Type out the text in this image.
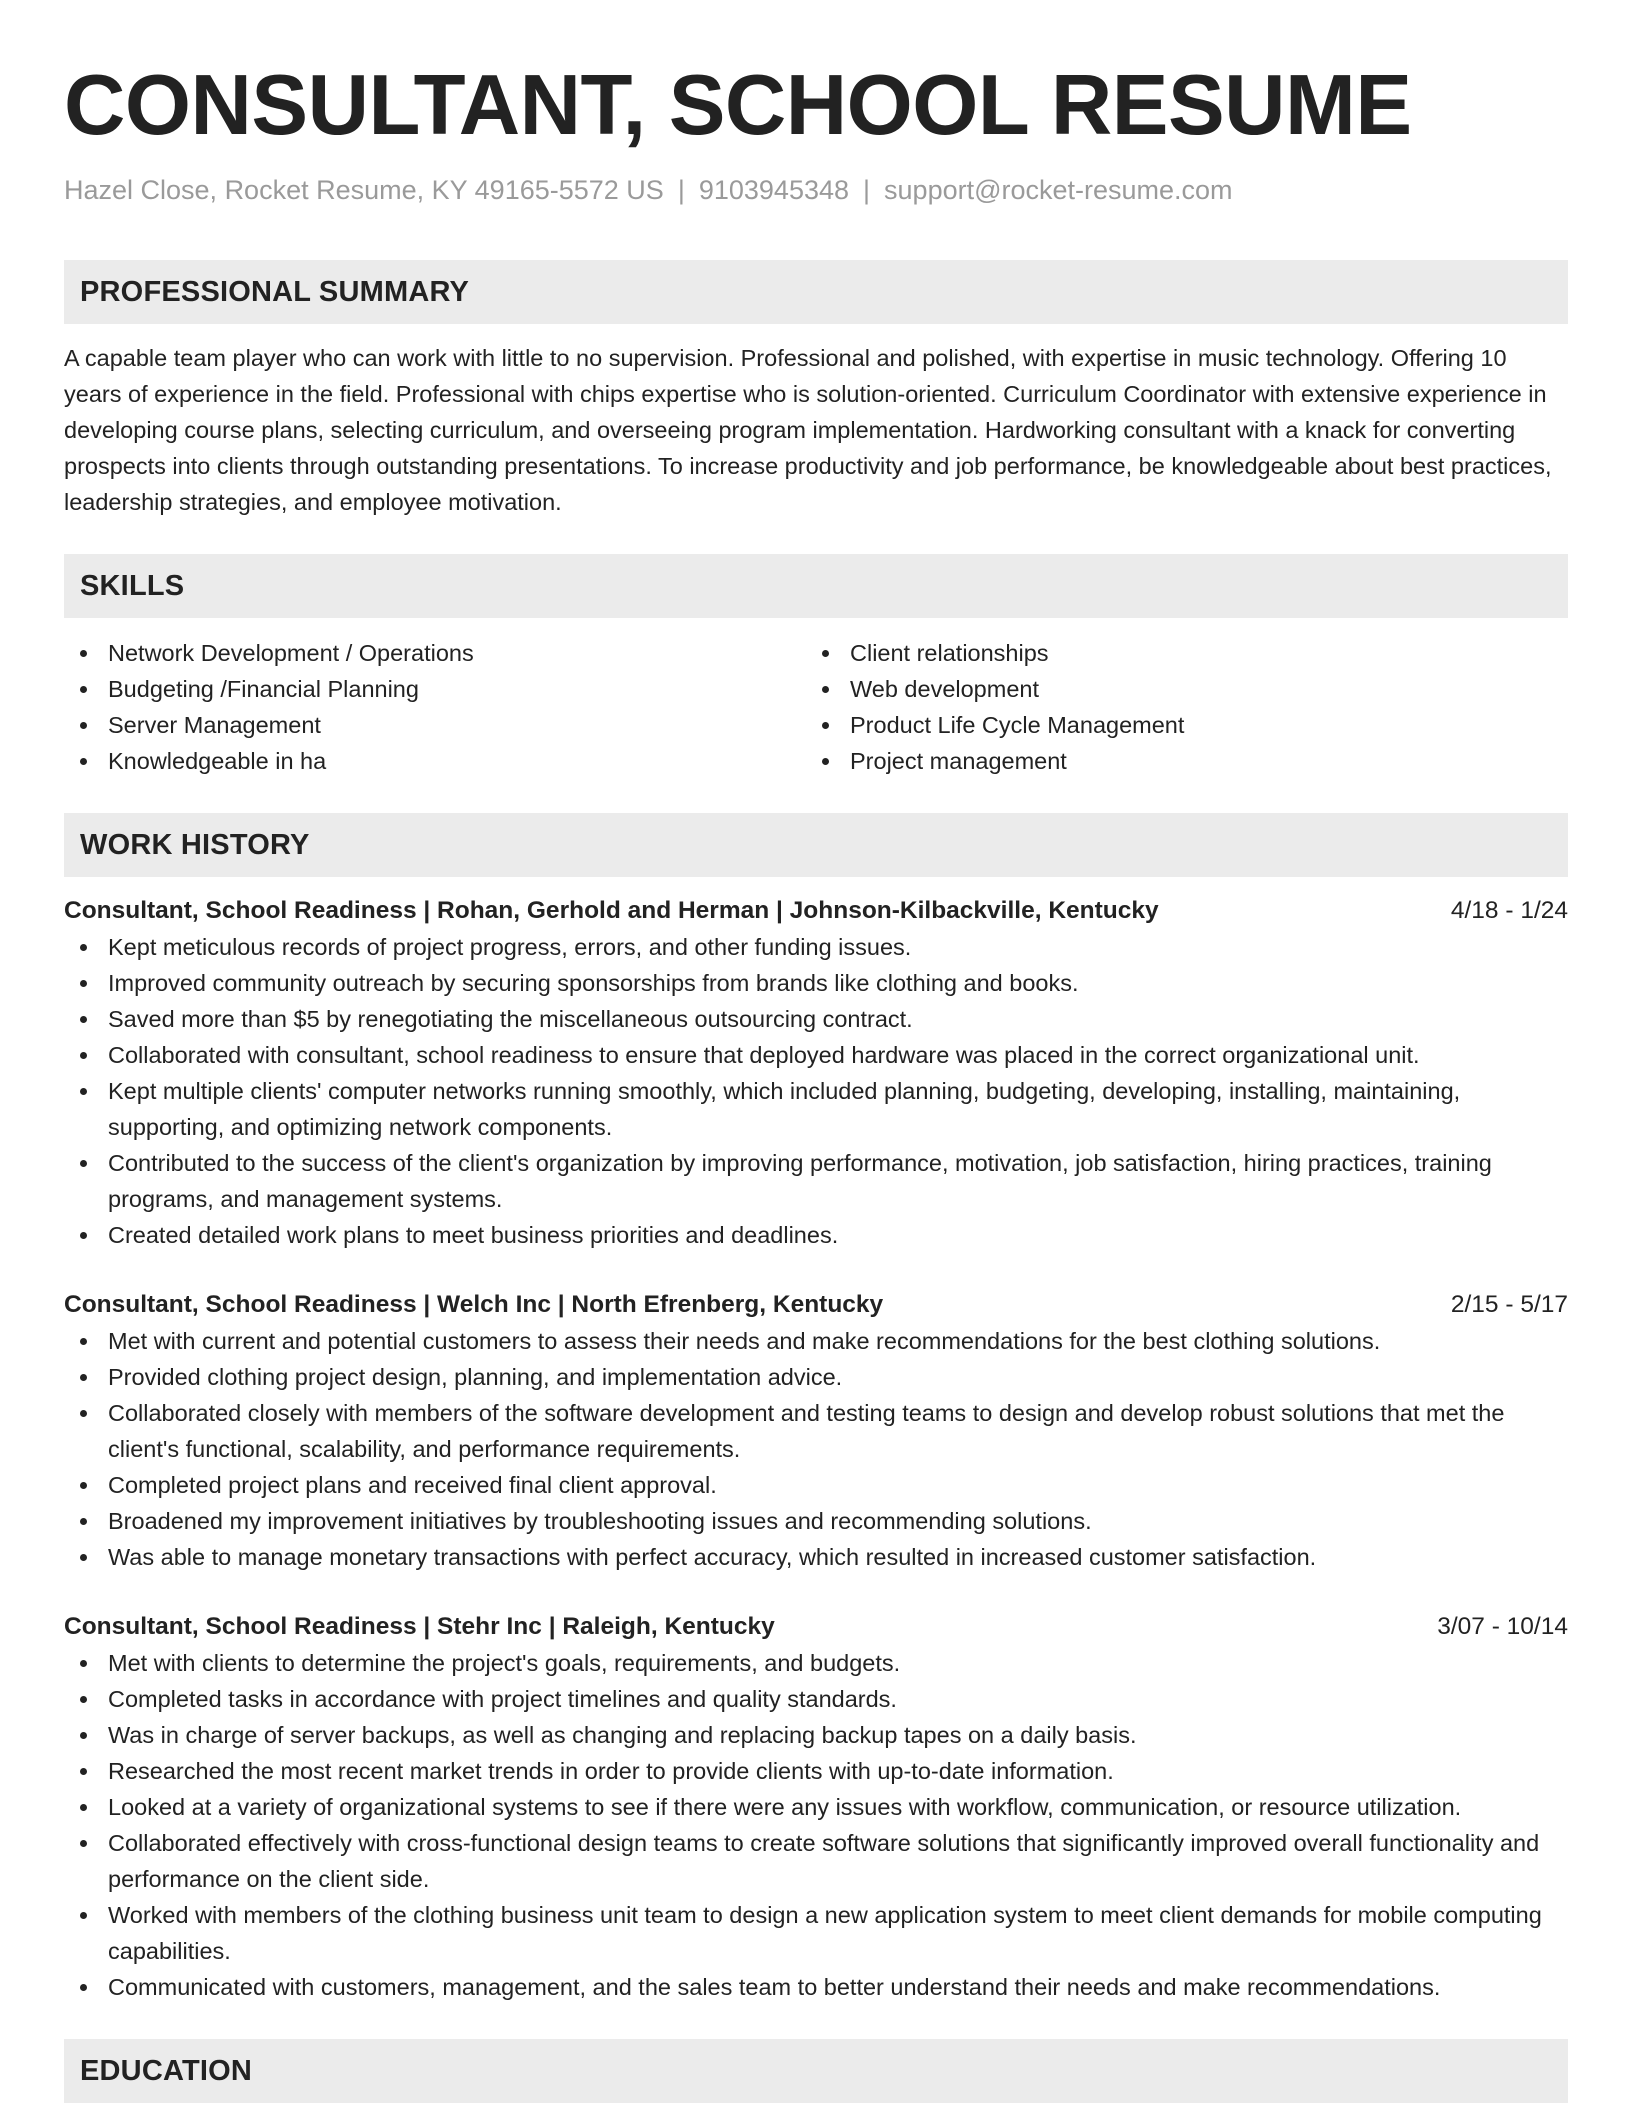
CONSULTANT, SCHOOL RESUME
Hazel Close, Rocket Resume, KY 49165-5572 US | 9103945348 | support@rocket-resume.com
PROFESSIONAL SUMMARY

A capable team player who can work with little to no supervision. Professional and polished, with expertise in music technology. Offering 10 years of experience in the field. Professional with chips expertise who is solution-oriented. Curriculum Coordinator with extensive experience in developing course plans, selecting curriculum, and overseeing program implementation. Hardworking consultant with a knack for converting prospects into clients through outstanding presentations. To increase productivity and job performance, be knowledgeable about best practices, leadership strategies, and employee motivation.

SKILLS
Network Development / Operations
Budgeting /Financial Planning
Server Management
Knowledgeable in ha
Client relationships
Web development
Product Life Cycle Management
Project management
WORK HISTORY
Consultant, School Readiness | Rohan, Gerhold and Herman | Johnson-Kilbackville, Kentucky	4/18 - 1/24
Kept meticulous records of project progress, errors, and other funding issues.
Improved community outreach by securing sponsorships from brands like clothing and books.
Saved more than $5 by renegotiating the miscellaneous outsourcing contract.
Collaborated with consultant, school readiness to ensure that deployed hardware was placed in the correct organizational unit.
Kept multiple clients' computer networks running smoothly, which included planning, budgeting, developing, installing, maintaining, supporting, and optimizing network components.
Contributed to the success of the client's organization by improving performance, motivation, job satisfaction, hiring practices, training programs, and management systems.
Created detailed work plans to meet business priorities and deadlines.
Consultant, School Readiness | Welch Inc | North Efrenberg, Kentucky	2/15 - 5/17
Met with current and potential customers to assess their needs and make recommendations for the best clothing solutions.
Provided clothing project design, planning, and implementation advice.
Collaborated closely with members of the software development and testing teams to design and develop robust solutions that met the client's functional, scalability, and performance requirements.
Completed project plans and received final client approval.
Broadened my improvement initiatives by troubleshooting issues and recommending solutions.
Was able to manage monetary transactions with perfect accuracy, which resulted in increased customer satisfaction.
Consultant, School Readiness | Stehr Inc | Raleigh, Kentucky	3/07 - 10/14
Met with clients to determine the project's goals, requirements, and budgets.
Completed tasks in accordance with project timelines and quality standards.
Was in charge of server backups, as well as changing and replacing backup tapes on a daily basis.
Researched the most recent market trends in order to provide clients with up-to-date information.
Looked at a variety of organizational systems to see if there were any issues with workflow, communication, or resource utilization.
Collaborated effectively with cross-functional design teams to create software solutions that significantly improved overall functionality and performance on the client side.
Worked with members of the clothing business unit team to design a new application system to meet client demands for mobile computing capabilities.
Communicated with customers, management, and the sales team to better understand their needs and make recommendations.
EDUCATION
